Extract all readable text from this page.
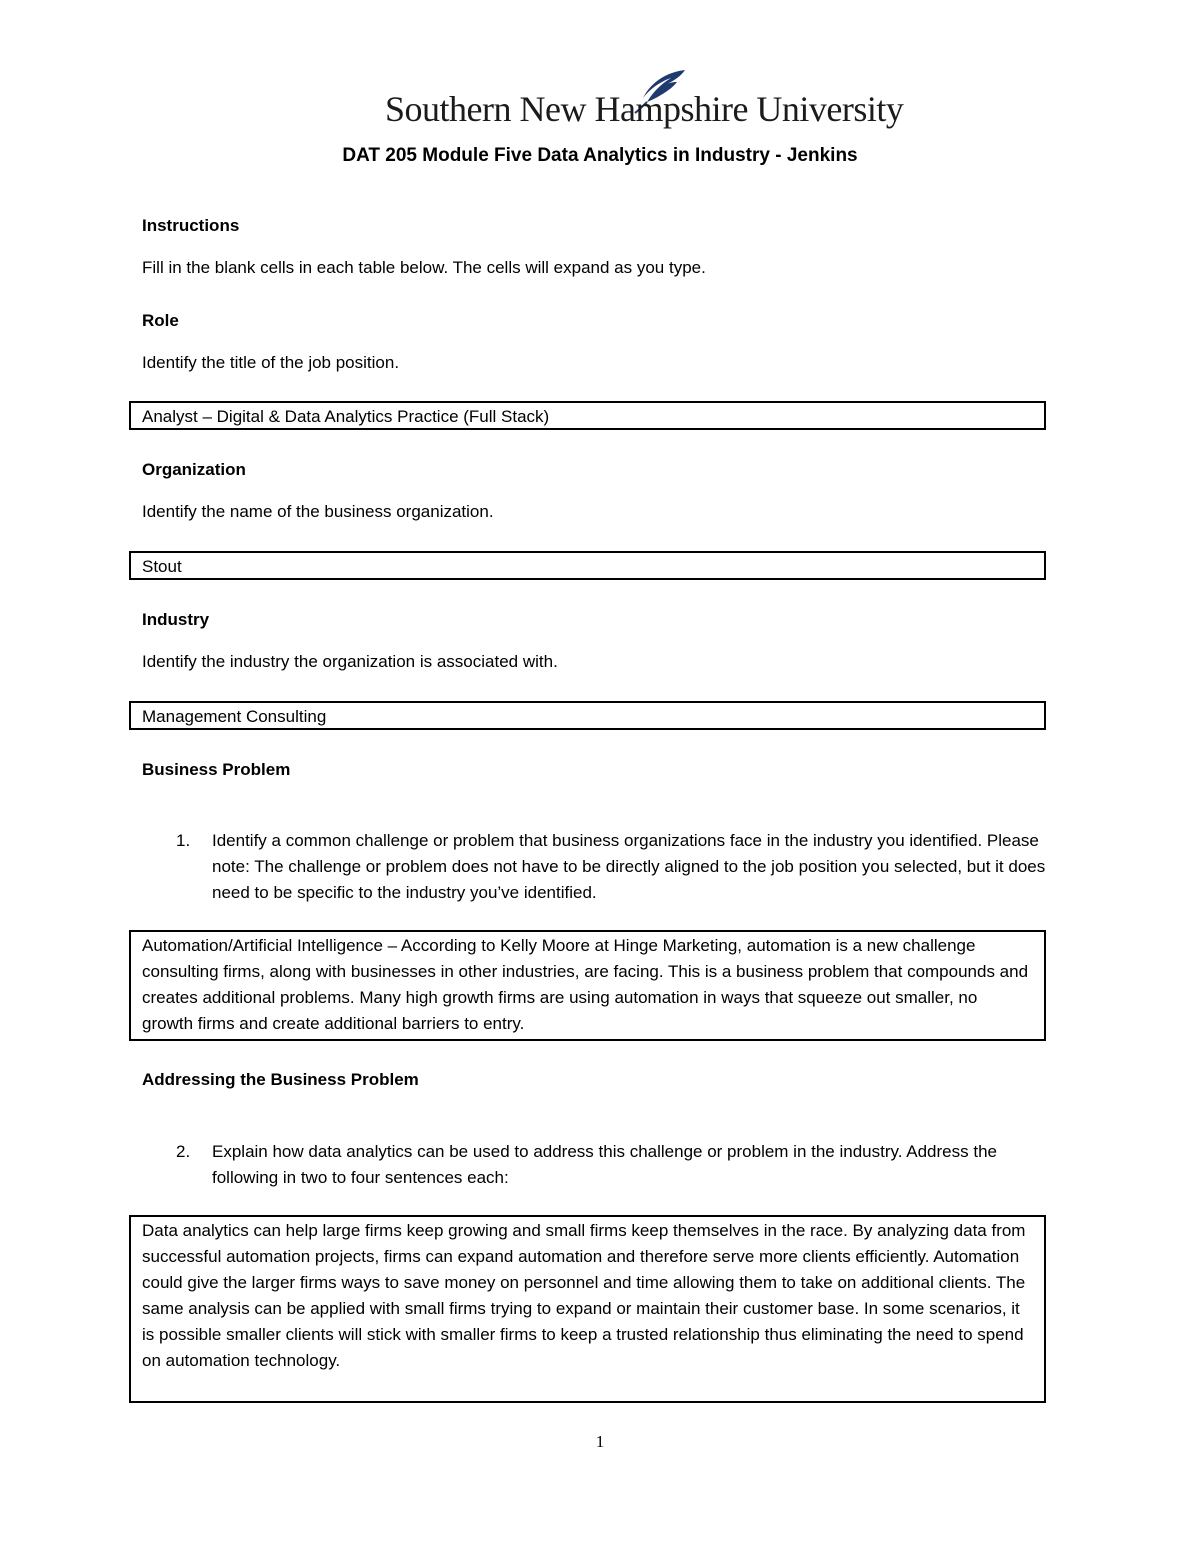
Southern New Hampshire University
DAT 205 Module Five Data Analytics in Industry - Jenkins
Instructions
Fill in the blank cells in each table below. The cells will expand as you type.
Role
Identify the title of the job position.
Analyst – Digital & Data Analytics Practice (Full Stack)
Organization
Identify the name of the business organization.
Stout
Industry
Identify the industry the organization is associated with.
Management Consulting
Business Problem
1. Identify a common challenge or problem that business organizations face in the industry you identified. Please note: The challenge or problem does not have to be directly aligned to the job position you selected, but it does need to be specific to the industry you’ve identified.
Automation/Artificial Intelligence – According to Kelly Moore at Hinge Marketing, automation is a new challenge consulting firms, along with businesses in other industries, are facing. This is a business problem that compounds and creates additional problems. Many high growth firms are using automation in ways that squeeze out smaller, no growth firms and create additional barriers to entry.
Addressing the Business Problem
2. Explain how data analytics can be used to address this challenge or problem in the industry. Address the following in two to four sentences each:
Data analytics can help large firms keep growing and small firms keep themselves in the race. By analyzing data from successful automation projects, firms can expand automation and therefore serve more clients efficiently. Automation could give the larger firms ways to save money on personnel and time allowing them to take on additional clients. The same analysis can be applied with small firms trying to expand or maintain their customer base. In some scenarios, it is possible smaller clients will stick with smaller firms to keep a trusted relationship thus eliminating the need to spend on automation technology.
1
